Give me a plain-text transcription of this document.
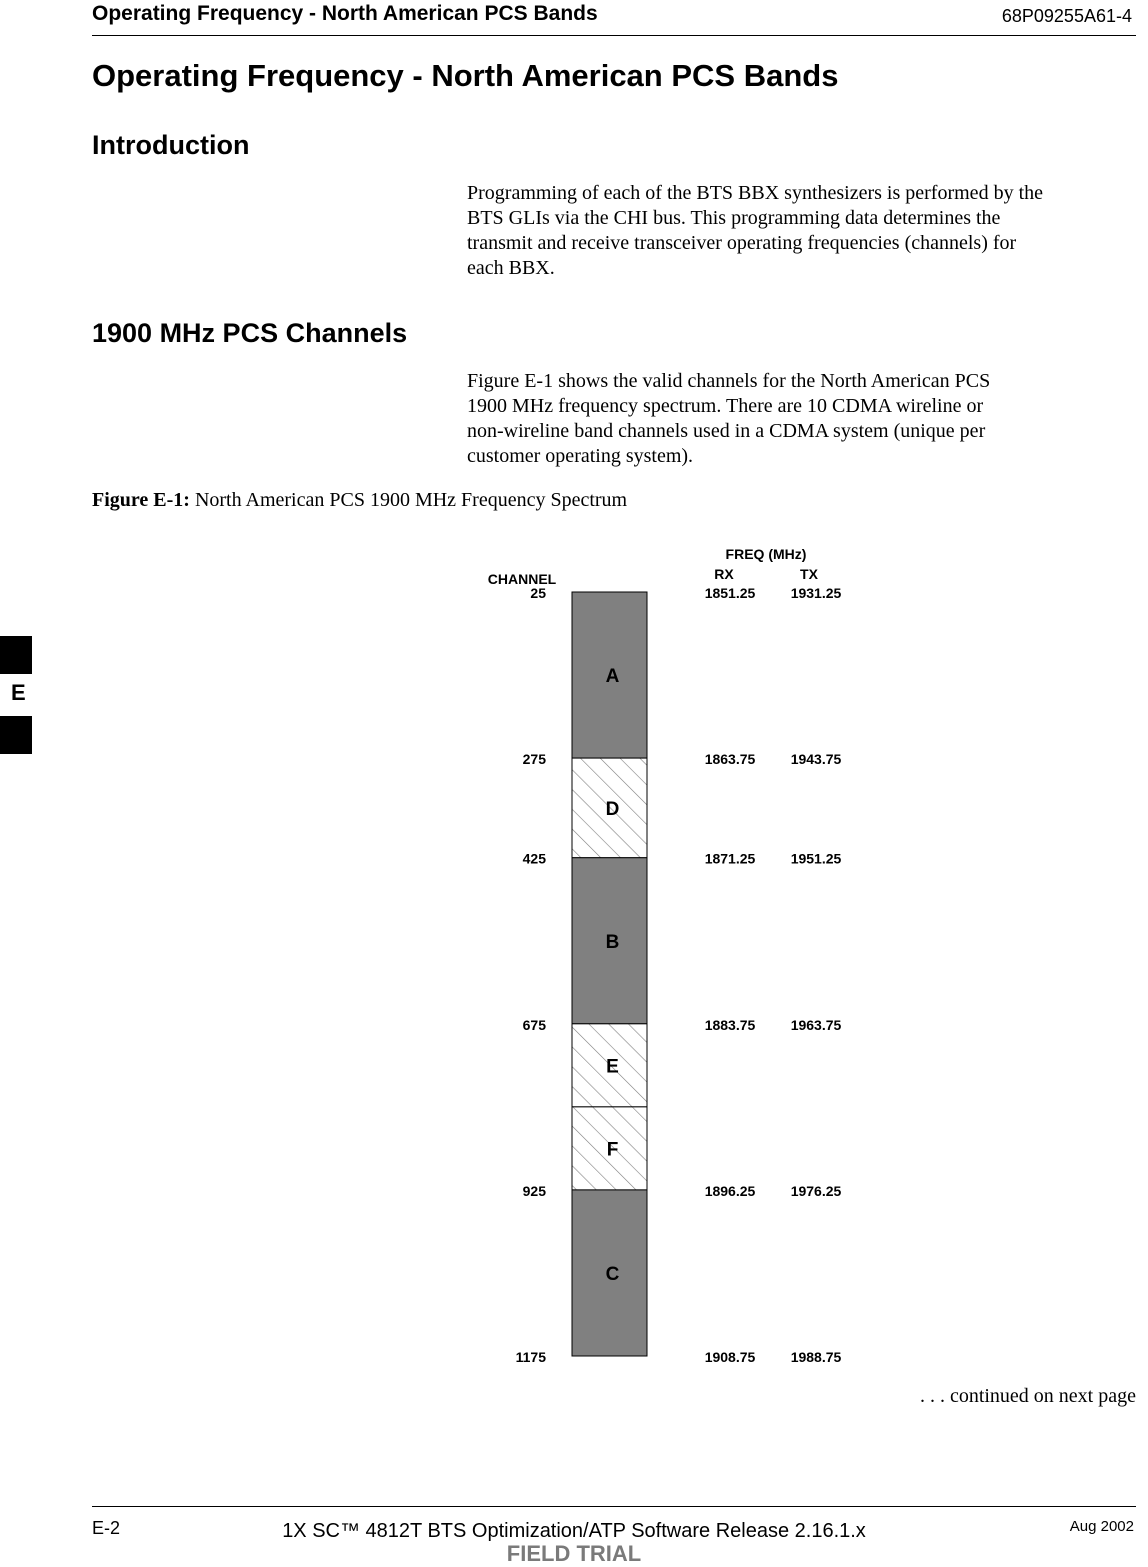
Operating Frequency - North American PCS Bands	68P09255A61-4
Operating Frequency - North American PCS Bands
Introduction
Programming of each of the BTS BBX synthesizers is performed by the
BTS GLIs via the CHI bus. This programming data determines the
transmit and receive transceiver operating frequencies (channels) for
each BBX.
1900 MHz PCS Channels
Figure E-1 shows the valid channels for the North American PCS
1900 MHz frequency spectrum. There are 10 CDMA wireline or
non-wireline band channels used in a CDMA system (unique per
customer operating system).
Figure E-1: North American PCS 1900 MHz Frequency Spectrum
FREQ (MHz)
RX	TX
CHANNEL
A
D
B
E
F
C
25	1851.25	1931.25
275	1863.75	1943.75
425	1871.25	1951.25
675	1883.75	1963.75
925	1896.25	1976.25
1175	1908.75	1988.75
E
. . . continued on next page
E-2	1X SC™ 4812T BTS Optimization/ATP Software Release 2.16.1.x	Aug 2002
FIELD TRIAL
